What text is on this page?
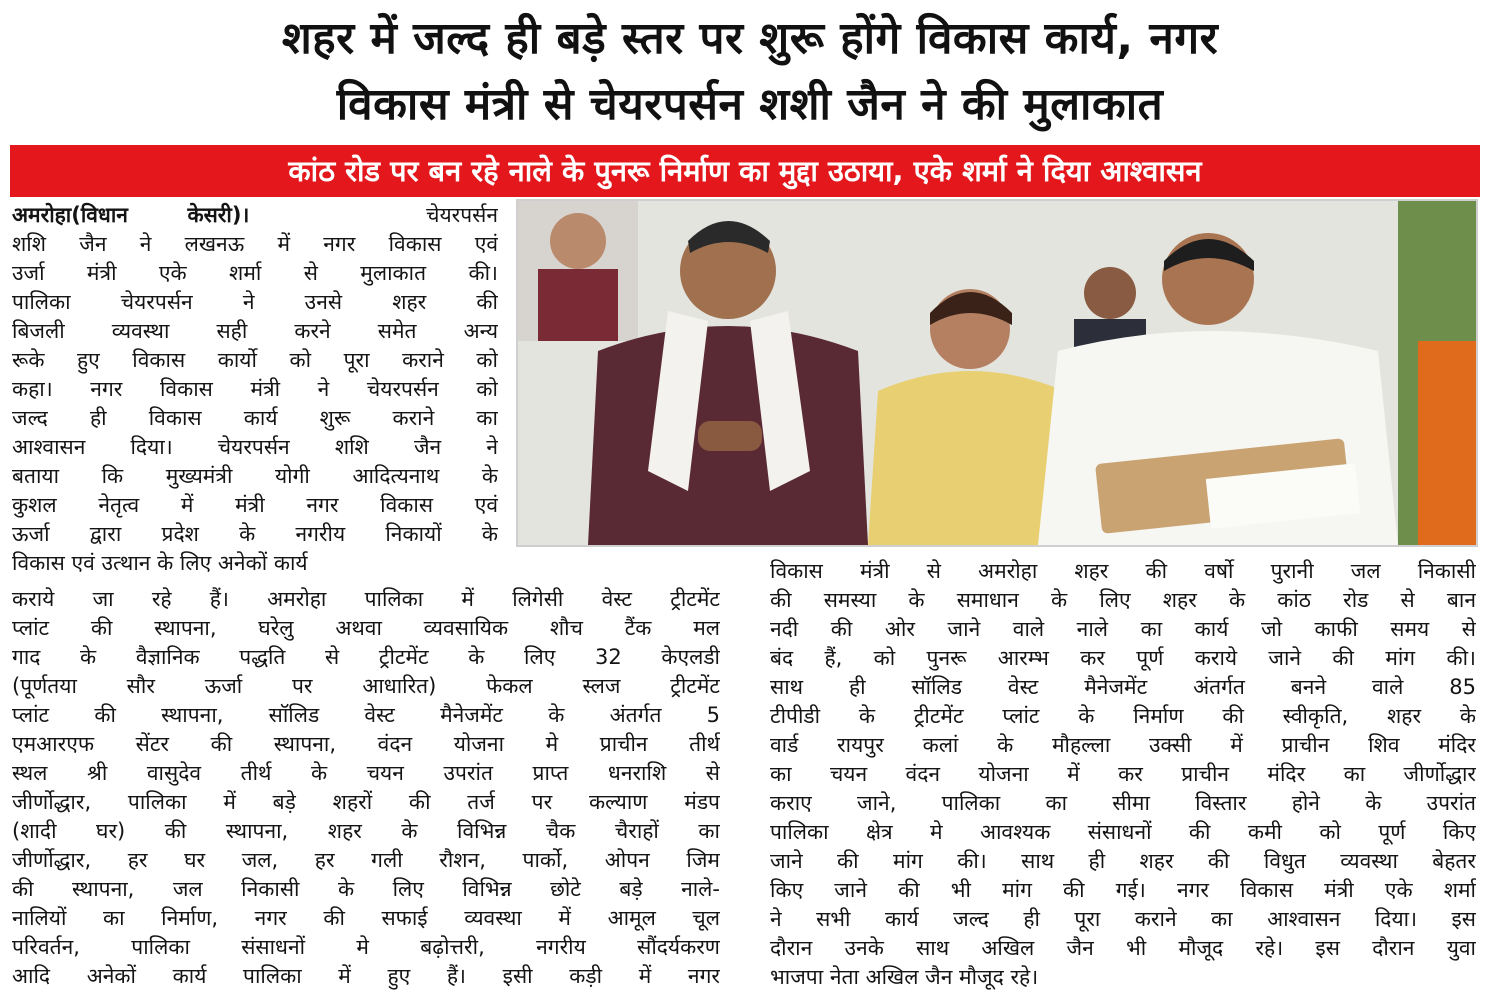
शहर में जल्द ही बड़े स्तर पर शुरू होंगे विकास कार्य, नगर
विकास मंत्री से चेयरपर्सन शशी जैन ने की मुलाकात
कांठ रोड पर बन रहे नाले के पुनरू निर्माण का मुद्दा उठाया, एके शर्मा ने दिया आश्वासन

अमरोहा(विधान केसरी)।	चेयरपर्सन

शशि जैन ने लखनऊ में नगर विकास एवं

उर्जा मंत्री एके शर्मा से मुलाकात की।

पालिका चेयरपर्सन ने उनसे शहर की

बिजली व्यवस्था सही करने समेत अन्य

रूके हुए विकास कार्यो को पूरा कराने को

कहा। नगर विकास मंत्री ने चेयरपर्सन को

जल्द ही विकास कार्य शुरू कराने का

आश्वासन दिया। चेयरपर्सन शशि जैन ने

बताया कि मुख्यमंत्री योगी आदित्यनाथ के

कुशल नेतृत्व में मंत्री नगर विकास एवं

ऊर्जा द्वारा प्रदेश के नगरीय निकायों के

विकास एवं उत्थान के लिए अनेकों कार्य

कराये जा रहे हैं। अमरोहा पालिका में लिगेसी वेस्ट ट्रीटमेंट

प्लांट की स्थापना, घरेलु अथवा व्यवसायिक शौच टैंक मल

गाद के वैज्ञानिक पद्धति से ट्रीटमेंट के लिए 32 केएलडी

(पूर्णतया सौर ऊर्जा पर आधारित) फेकल स्लज ट्रीटमेंट

प्लांट की स्थापना, सॉलिड वेस्ट मैनेजमेंट के अंतर्गत 5

एमआरएफ सेंटर की स्थापना, वंदन योजना मे प्राचीन तीर्थ

स्थल श्री वासुदेव तीर्थ के चयन उपरांत प्राप्त धनराशि से

जीर्णोद्धार, पालिका में बड़े शहरों की तर्ज पर कल्याण मंडप

(शादी घर) की स्थापना, शहर के विभिन्न चैक चैराहों का

जीर्णोद्धार, हर घर जल, हर गली रौशन, पार्को, ओपन जिम

की स्थापना, जल निकासी के लिए विभिन्न छोटे बड़े नाले-

नालियों का निर्माण, नगर की सफाई व्यवस्था में आमूल चूल

परिवर्तन, पालिका संसाधनों मे बढ़ोत्तरी, नगरीय सौंदर्यकरण

आदि अनेकों कार्य पालिका में हुए हैं। इसी कड़ी में नगर

विकास मंत्री से अमरोहा शहर की वर्षो पुरानी जल निकासी

की समस्या के समाधान के लिए शहर के कांठ रोड से बान

नदी की ओर जाने वाले नाले का कार्य जो काफी समय से

बंद हैं, को पुनरू आरम्भ कर पूर्ण कराये जाने की मांग की।

साथ ही सॉलिड वेस्ट मैनेजमेंट अंतर्गत बनने वाले 85

टीपीडी के ट्रीटमेंट प्लांट के निर्माण की स्वीकृति, शहर के

वार्ड रायपुर कलां के मौहल्ला उक्सी में प्राचीन शिव मंदिर

का चयन वंदन योजना में कर प्राचीन मंदिर का जीर्णोद्धार

कराए जाने, पालिका का सीमा विस्तार होने के उपरांत

पालिका क्षेत्र मे आवश्यक संसाधनों की कमी को पूर्ण किए

जाने की मांग की। साथ ही शहर की विधुत व्यवस्था बेहतर

किए जाने की भी मांग की गई। नगर विकास मंत्री एके शर्मा

ने सभी कार्य जल्द ही पूरा कराने का आश्वासन दिया। इस

दौरान उनके साथ अखिल जैन भी मौजूद रहे। इस दौरान युवा

भाजपा नेता अखिल जैन मौजूद रहे।
